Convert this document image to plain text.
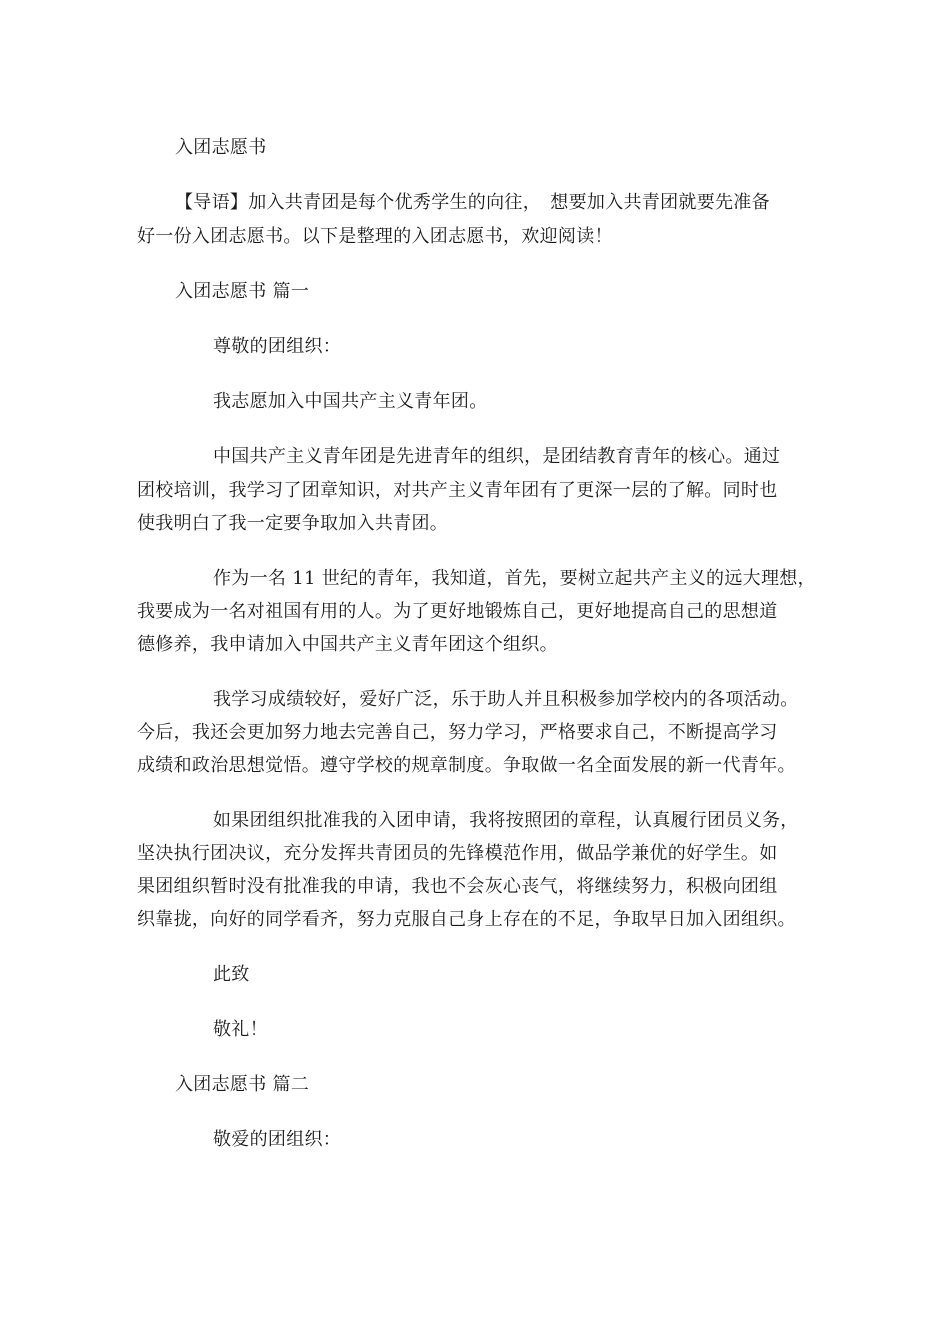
入团志愿书
【导语】加入共青团是每个优秀学生的向往，　想要加入共青团就要先准备
好一份入团志愿书。以下是整理的入团志愿书，欢迎阅读！
入团志愿书 篇一
尊敬的团组织：
我志愿加入中国共产主义青年团。
中国共产主义青年团是先进青年的组织，是团结教育青年的核心。通过
团校培训，我学习了团章知识，对共产主义青年团有了更深一层的了解。同时也
使我明白了我一定要争取加入共青团。
作为一名 11 世纪的青年，我知道，首先，要树立起共产主义的远大理想，
我要成为一名对祖国有用的人。为了更好地锻炼自己，更好地提高自己的思想道
德修养，我申请加入中国共产主义青年团这个组织。
我学习成绩较好，爱好广泛，乐于助人并且积极参加学校内的各项活动。
今后，我还会更加努力地去完善自己，努力学习，严格要求自己，不断提高学习
成绩和政治思想觉悟。遵守学校的规章制度。争取做一名全面发展的新一代青年。
如果团组织批准我的入团申请，我将按照团的章程，认真履行团员义务，
坚决执行团决议，充分发挥共青团员的先锋模范作用，做品学兼优的好学生。如
果团组织暂时没有批准我的申请，我也不会灰心丧气，将继续努力，积极向团组
织靠拢，向好的同学看齐，努力克服自己身上存在的不足，争取早日加入团组织。
此致
敬礼！
入团志愿书 篇二
敬爱的团组织：
